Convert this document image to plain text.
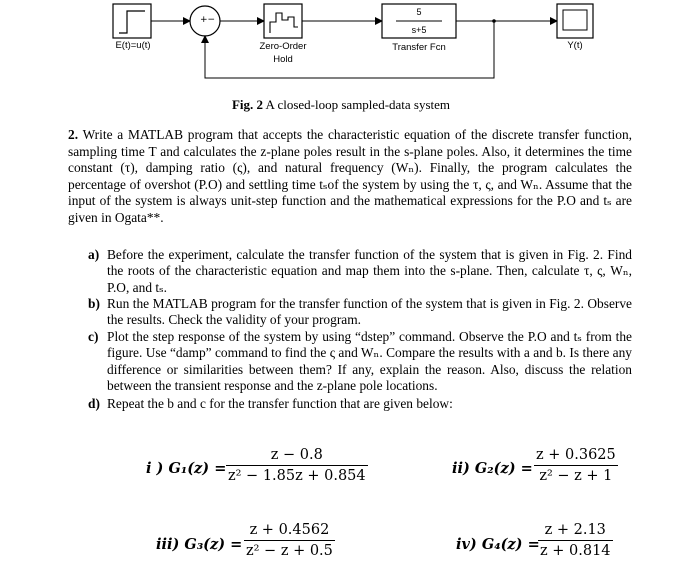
+−
5
s+5
E(t)=u(t)	Zero-Order
Hold
Transfer Fcn	Y(t)
Fig. 2 A closed-loop sampled-data system
2. Write a MATLAB program that accepts the characteristic equation of the discrete transfer function, sampling time T and calculates the z-plane poles result in the s-plane poles. Also, it determines the time constant (τ), damping ratio (ς), and natural frequency (Wₙ). Finally, the program calculates the percentage of overshot (P.O) and settling time tₛof the system by using the τ, ς, and Wₙ. Assume that the input of the system is always unit-step function and the mathematical expressions for the P.O and tₛ are given in Ogata**.
a) Before the experiment, calculate the transfer function of the system that is given in Fig. 2. Find the roots of the characteristic equation and map them into the s-plane. Then, calculate τ, ς, Wₙ, P.O, and tₛ.
b) Run the MATLAB program for the transfer function of the system that is given in Fig. 2. Observe the results. Check the validity of your program.
c) Plot the step response of the system by using “dstep” command. Observe the P.O and tₛ from the figure. Use “damp” command to find the ς and Wₙ. Compare the results with a and b. Is there any difference or similarities between them? If any, explain the reason. Also, discuss the relation between the transient response and the z-plane pole locations.
d) Repeat the b and c for the transfer function that are given below:
i ) $G_1(z) = \frac{z - 0.8}{\text{z² − 1.85z + 0.854}}$	ii) $G_2(z) = \frac{z + 0.3625}{\text{z² − z + 1}}$
iii) $G_3(z) = \frac{z + 0.4562}{\text{z² − z + 0.5}}$	iv) G₄(z) =
$\frac{z + 2.13}{z + 0.814}$
